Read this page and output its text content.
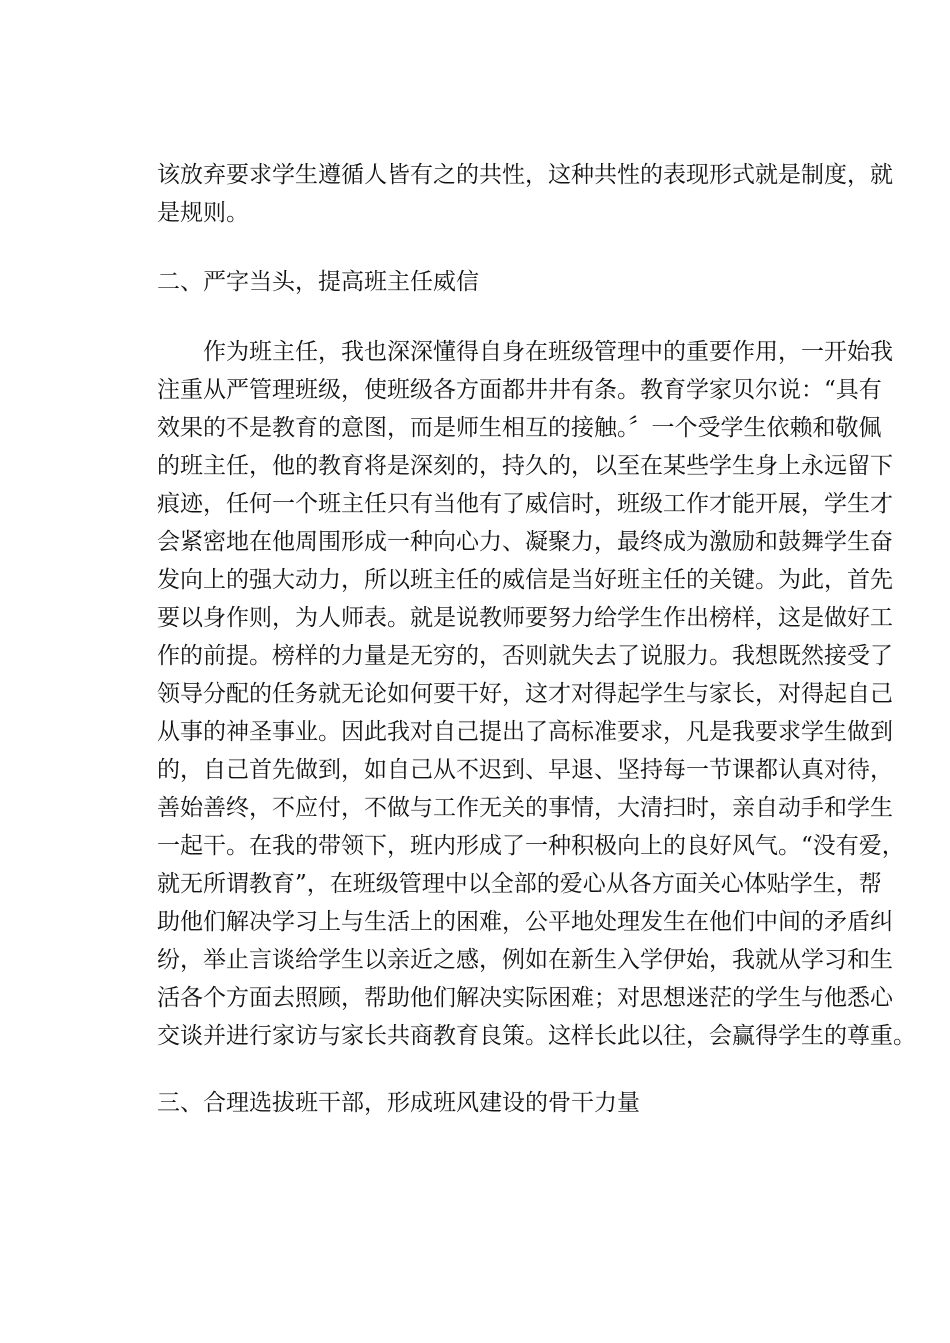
该放弃要求学生遵循人皆有之的共性，这种共性的表现形式就是制度，就
是规则。
二、严字当头，提高班主任威信
作为班主任，我也深深懂得自身在班级管理中的重要作用，一开始我
注重从严管理班级，使班级各方面都井井有条。教育学家贝尔说：“具有
效果的不是教育的意图，而是师生相互的接触。〞一个受学生依赖和敬佩
的班主任，他的教育将是深刻的，持久的，以至在某些学生身上永远留下
痕迹，任何一个班主任只有当他有了威信时，班级工作才能开展，学生才
会紧密地在他周围形成一种向心力、凝聚力，最终成为激励和鼓舞学生奋
发向上的强大动力，所以班主任的威信是当好班主任的关键。为此，首先
要以身作则，为人师表。就是说教师要努力给学生作出榜样，这是做好工
作的前提。榜样的力量是无穷的，否则就失去了说服力。我想既然接受了
领导分配的任务就无论如何要干好，这才对得起学生与家长，对得起自己
从事的神圣事业。因此我对自己提出了高标准要求，凡是我要求学生做到
的，自己首先做到，如自己从不迟到、早退、坚持每一节课都认真对待，
善始善终，不应付，不做与工作无关的事情，大清扫时，亲自动手和学生
一起干。在我的带领下，班内形成了一种积极向上的良好风气。“没有爱，
就无所谓教育”，在班级管理中以全部的爱心从各方面关心体贴学生，帮
助他们解决学习上与生活上的困难，公平地处理发生在他们中间的矛盾纠
纷，举止言谈给学生以亲近之感，例如在新生入学伊始，我就从学习和生
活各个方面去照顾，帮助他们解决实际困难；对思想迷茫的学生与他悉心
交谈并进行家访与家长共商教育良策。这样长此以往，会赢得学生的尊重。
三、合理选拔班干部，形成班风建设的骨干力量
